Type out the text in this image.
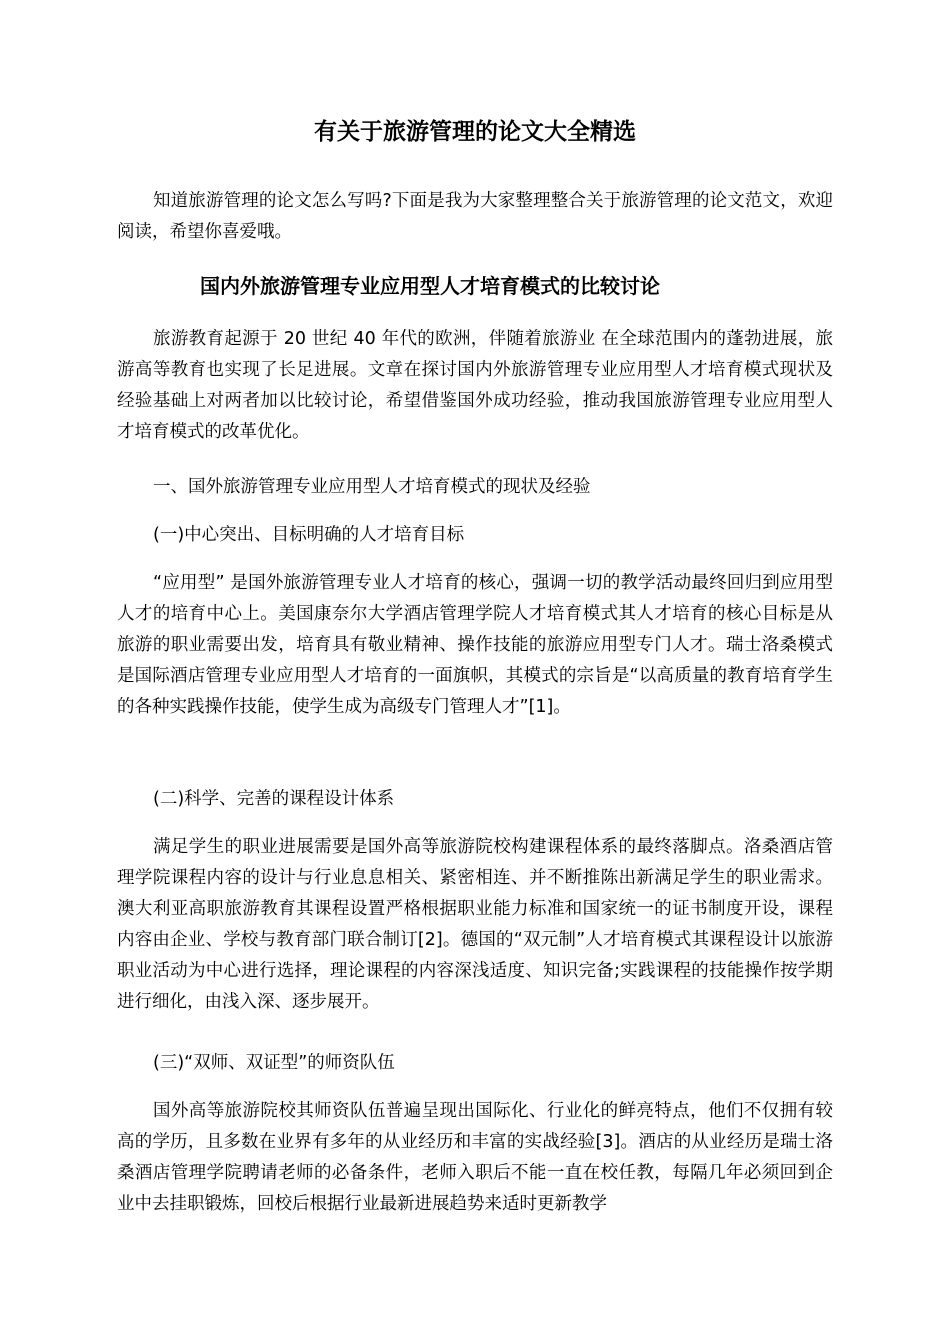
有关于旅游管理的论文大全精选

知道旅游管理的论文怎么写吗?下面是我为大家整理整合关于旅游管理的论文范文，欢迎阅读，希望你喜爱哦。

国内外旅游管理专业应用型人才培育模式的比较讨论

旅游教育起源于 20 世纪 40 年代的欧洲，伴随着旅游业 在全球范围内的蓬勃进展，旅游高等教育也实现了长足进展。文章在探讨国内外旅游管理专业应用型人才培育模式现状及经验基础上对两者加以比较讨论，希望借鉴国外成功经验，推动我国旅游管理专业应用型人才培育模式的改革优化。

一、国外旅游管理专业应用型人才培育模式的现状及经验

(一)中心突出、目标明确的人才培育目标

“应用型” 是国外旅游管理专业人才培育的核心，强调一切的教学活动最终回归到应用型人才的培育中心上。美国康奈尔大学酒店管理学院人才培育模式其人才培育的核心目标是从旅游的职业需要出发，培育具有敬业精神、操作技能的旅游应用型专门人才。瑞士洛桑模式是国际酒店管理专业应用型人才培育的一面旗帜，其模式的宗旨是“以高质量的教育培育学生的各种实践操作技能，使学生成为高级专门管理人才”[1]。

(二)科学、完善的课程设计体系

满足学生的职业进展需要是国外高等旅游院校构建课程体系的最终落脚点。洛桑酒店管理学院课程内容的设计与行业息息相关、紧密相连、并不断推陈出新满足学生的职业需求。澳大利亚高职旅游教育其课程设置严格根据职业能力标准和国家统一的证书制度开设，课程内容由企业、学校与教育部门联合制订[2]。德国的“双元制”人才培育模式其课程设计以旅游职业活动为中心进行选择，理论课程的内容深浅适度、知识完备;实践课程的技能操作按学期进行细化，由浅入深、逐步展开。

(三)“双师、双证型”的师资队伍

国外高等旅游院校其师资队伍普遍呈现出国际化、行业化的鲜亮特点，他们不仅拥有较高的学历，且多数在业界有多年的从业经历和丰富的实战经验[3]。酒店的从业经历是瑞士洛桑酒店管理学院聘请老师的必备条件，老师入职后不能一直在校任教，每隔几年必须回到企业中去挂职锻炼，回校后根据行业最新进展趋势来适时更新教学
